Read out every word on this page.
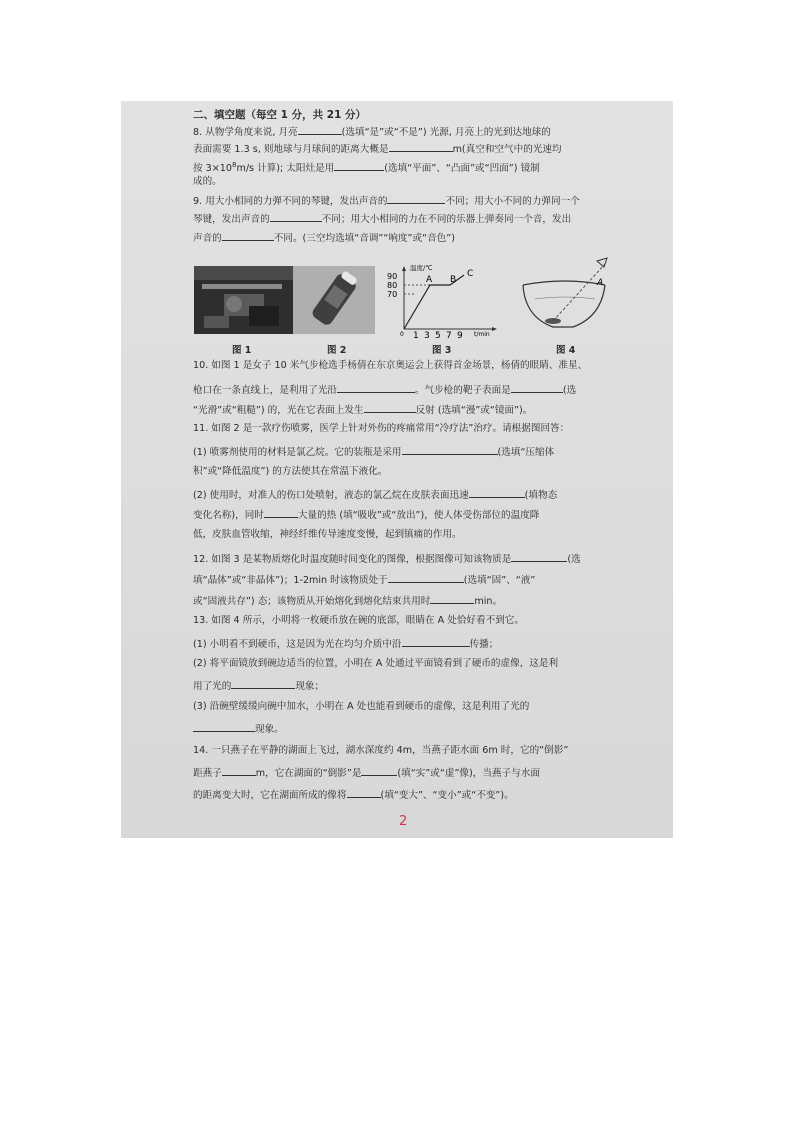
二、填空题（每空 1 分，共 21 分）
8. 从物学角度来说, 月亮	(选填“是”或“不是”) 光源, 月亮上的光到达地球的
表面需要 1.3 s, 则地球与月球间的距离大概是	m(真空和空气中的光速均
按 $3\times 10^8m/s$ 计算); 太阳灶是用	(选填“平面”、“凸面”或“凹面”) 镜制
成的。
9. 用大小相同的力弹不同的琴键，发出声音的	不同；用大小不同的力弹同一个
琴键，发出声音的	不同；用大小相同的力在不同的乐器上弹奏同一个音，发出
声音的	不同。(三空均选填“音调”“响度”或“音色”)
温度/℃
t/min
90
80
70
0 1 3 5 7 9
A B
C
A
图 1	图 2	图 3	图 4
10. 如图 1 是女子 10 米气步枪选手杨倩在东京奥运会上获得首金场景，杨倩的眼睛、准星、
枪口在一条直线上，是利用了光沿	。气步枪的靶子表面是	(选
“光滑”或“粗糙”) 的，光在它表面上发生	反射 (选填“漫”或“镜面”)。
11. 如图 2 是一款疗伤喷雾，医学上针对外伤的疼痛常用“冷疗法”治疗。请根据图回答：
(1) 喷雾剂使用的材料是氯乙烷。它的装瓶是采用	(选填“压缩体
积”或“降低温度”) 的方法使其在常温下液化。
(2) 使用时，对准人的伤口处喷射，液态的氯乙烷在皮肤表面迅速	(填物态
变化名称)，同时	大量的热 (填“吸收”或“放出”)，使人体受伤部位的温度降
低，皮肤血管收缩，神经纤维传导速度变慢，起到镇痛的作用。
12. 如图 3 是某物质熔化时温度随时间变化的图像，根据图像可知该物质是	(选
填“晶体”或“非晶体”)；1-2min 时该物质处于	(选填“固”、“液”
或“固液共存”) 态；该物质从开始熔化到熔化结束共用时	min。
13. 如图 4 所示，小明将一枚硬币放在碗的底部，眼睛在 A 处恰好看不到它。
(1) 小明看不到硬币，这是因为光在均匀介质中沿	传播；
(2) 将平面镜放到碗边适当的位置，小明在 A 处通过平面镜看到了硬币的虚像，这是利
用了光的	现象；
(3) 沿碗壁缓缓向碗中加水，小明在 A 处也能看到硬币的虚像，这是利用了光的
现象。
14. 一只燕子在平静的湖面上飞过，湖水深度约 4m，当燕子距水面 6m 时，它的“倒影”
距燕子	m，它在湖面的“倒影”是	(填“实”或“虚”像)，当燕子与水面
的距离变大时，它在湖面所成的像将	(填“变大”、“变小”或“不变”)。
2
